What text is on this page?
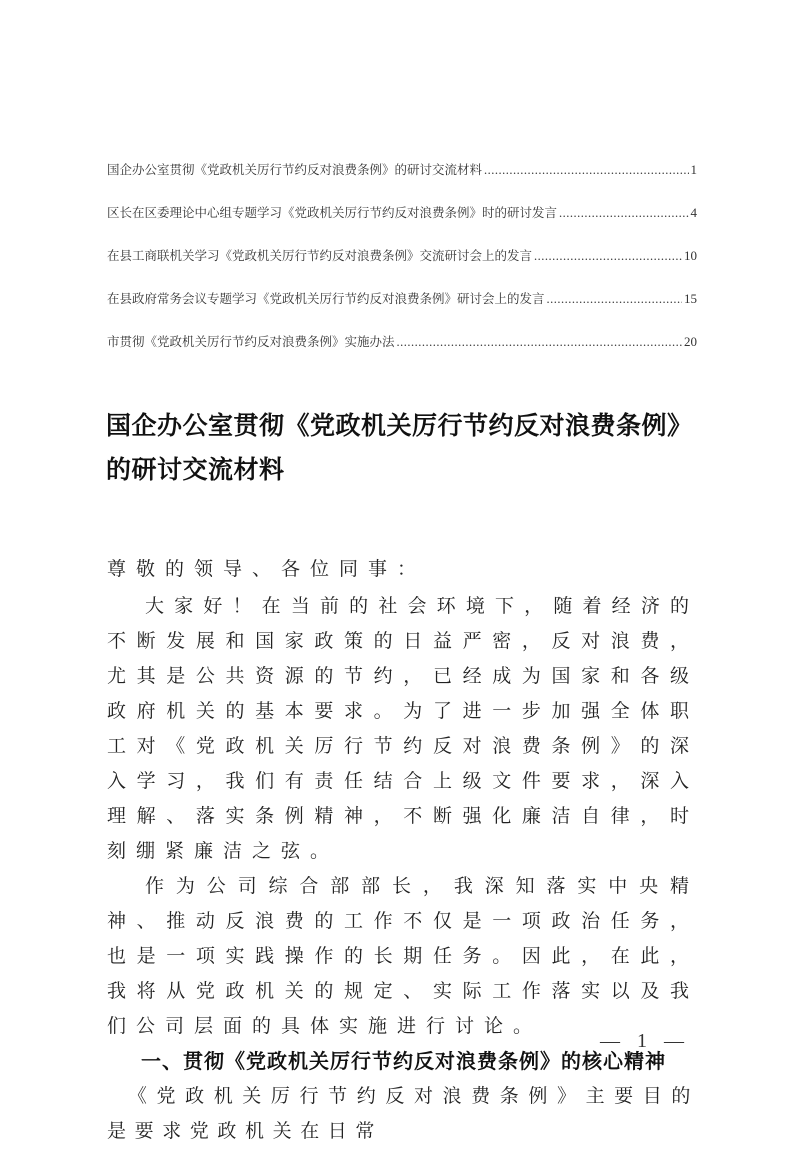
国企办公室贯彻《党政机关厉行节约反对浪费条例》的研讨交流材料 .....	1
区长在区委理论中心组专题学习《党政机关厉行节约反对浪费条例》时的研讨发言 .....	4
在县工商联机关学习《党政机关厉行节约反对浪费条例》交流研讨会上的发言 .....	10
在县政府常务会议专题学习《党政机关厉行节约反对浪费条例》研讨会上的发言 .....	15
市贯彻《党政机关厉行节约反对浪费条例》实施办法 .....	20
国企办公室贯彻《党政机关厉行节约反对浪费条例》的研讨交流材料

尊敬的领导、各位同事：

大家好！在当前的社会环境下，随着经济的不断发展和国家政策的日益严密，反对浪费，尤其是公共资源的节约，已经成为国家和各级政府机关的基本要求。为了进一步加强全体职工对《党政机关厉行节约反对浪费条例》的深入学习，我们有责任结合上级文件要求，深入理解、落实条例精神，不断强化廉洁自律，时刻绷紧廉洁之弦。

作为公司综合部部长，我深知落实中央精神、推动反浪费的工作不仅是一项政治任务，也是一项实践操作的长期任务。因此，在此，我将从党政机关的规定、实际工作落实以及我们公司层面的具体实施进行讨论。

一、贯彻《党政机关厉行节约反对浪费条例》的核心精神

《党政机关厉行节约反对浪费条例》主要目的是要求党政机关在日常

— 1 —
